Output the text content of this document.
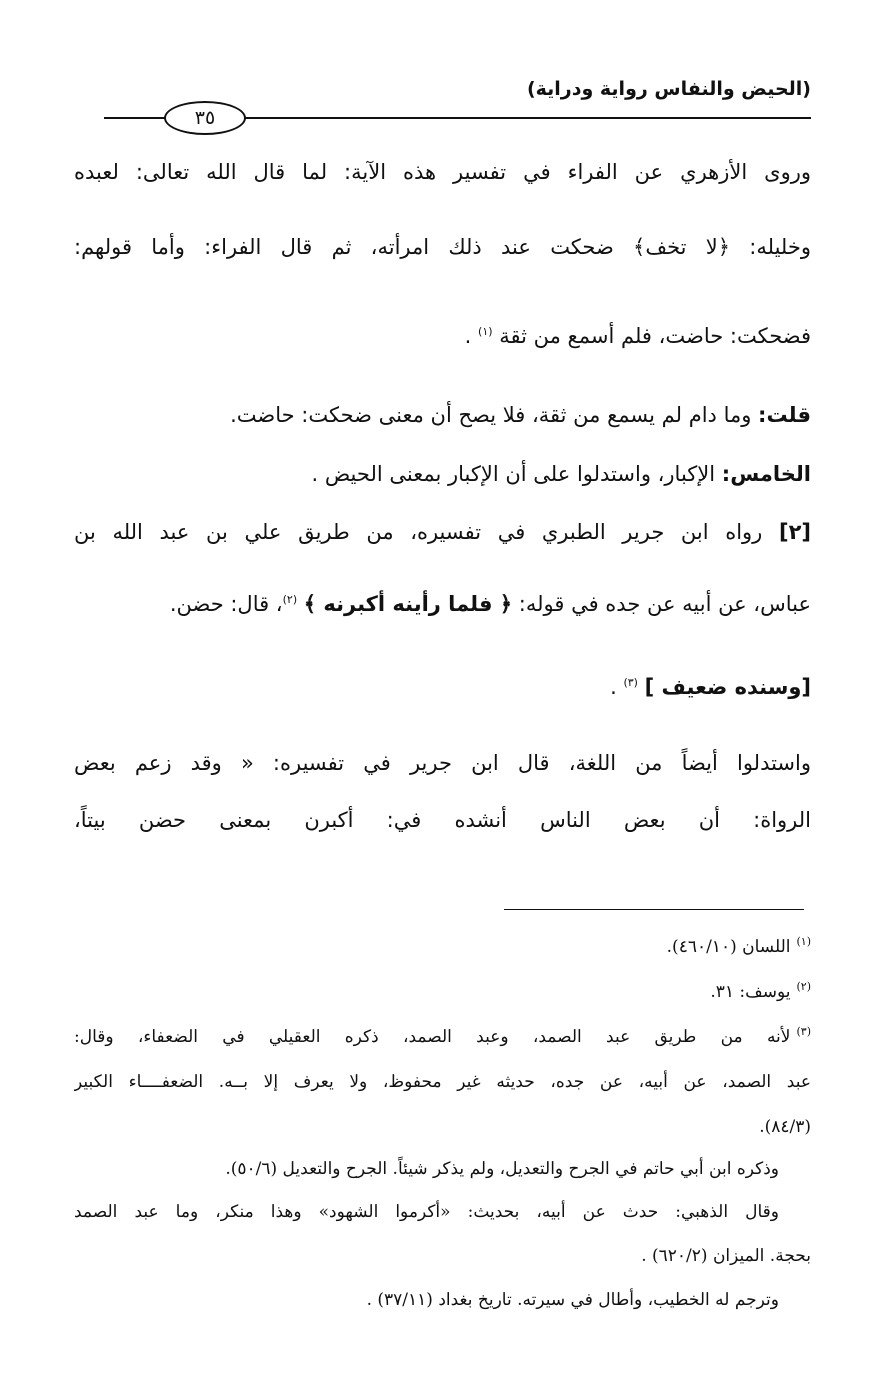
(الحيض والنفاس رواية ودراية)
٣٥
وروى الأزهري عن الفراء في تفسير هذه الآية: لما قال الله تعالى: لعبده
وخليله: ﴿لا تخف﴾ ضحكت عند ذلك امرأته، ثم قال الفراء: وأما قولهم:
فضحكت: حاضت، فلم أسمع من ثقة $^{(١)}$ .
قلت: وما دام لم يسمع من ثقة، فلا يصح أن معنى ضحكت: حاضت.
الخامس: الإكبار، واستدلوا على أن الإكبار بمعنى الحيض .
[٢] رواه ابن جرير الطبري في تفسيره، من طريق علي بن عبد الله بن
عباس، عن أبيه عن جده في قوله: ﴿ فلما رأينه أكبرنه ﴾ $^{(٢)}$، قال: حضن.
[وسنده ضعيف ] $^{(٣)}$ .
واستدلوا أيضاً من اللغة، قال ابن جرير في تفسيره: « وقد زعم بعض
الرواة: أن بعض الناس أنشده في: أكبرن بمعنى حضن بيتاً،
$^{(١)}$اللسان (٤٦٠/١٠).
$^{(٢)}$يوسف: ٣١.
$^{(٣)}$لأنه من طريق عبد الصمد، وعبد الصمد، ذكره العقيلي في الضعفاء، وقال:
عبد الصمد، عن أبيه، عن جده، حديثه غير محفوظ، ولا يعرف إلا بــه. الضعفــــاء الكبير
(٨٤/٣).
وذكره ابن أبي حاتم في الجرح والتعديل، ولم يذكر شيئاً. الجرح والتعديل (٥٠/٦).
وقال الذهبي: حدث عن أبيه، بحديث: «أكرموا الشهود» وهذا منكر، وما عبد الصمد
بحجة. الميزان (٦٢٠/٢) .
وترجم له الخطيب، وأطال في سيرته. تاريخ بغداد (٣٧/١١) .
